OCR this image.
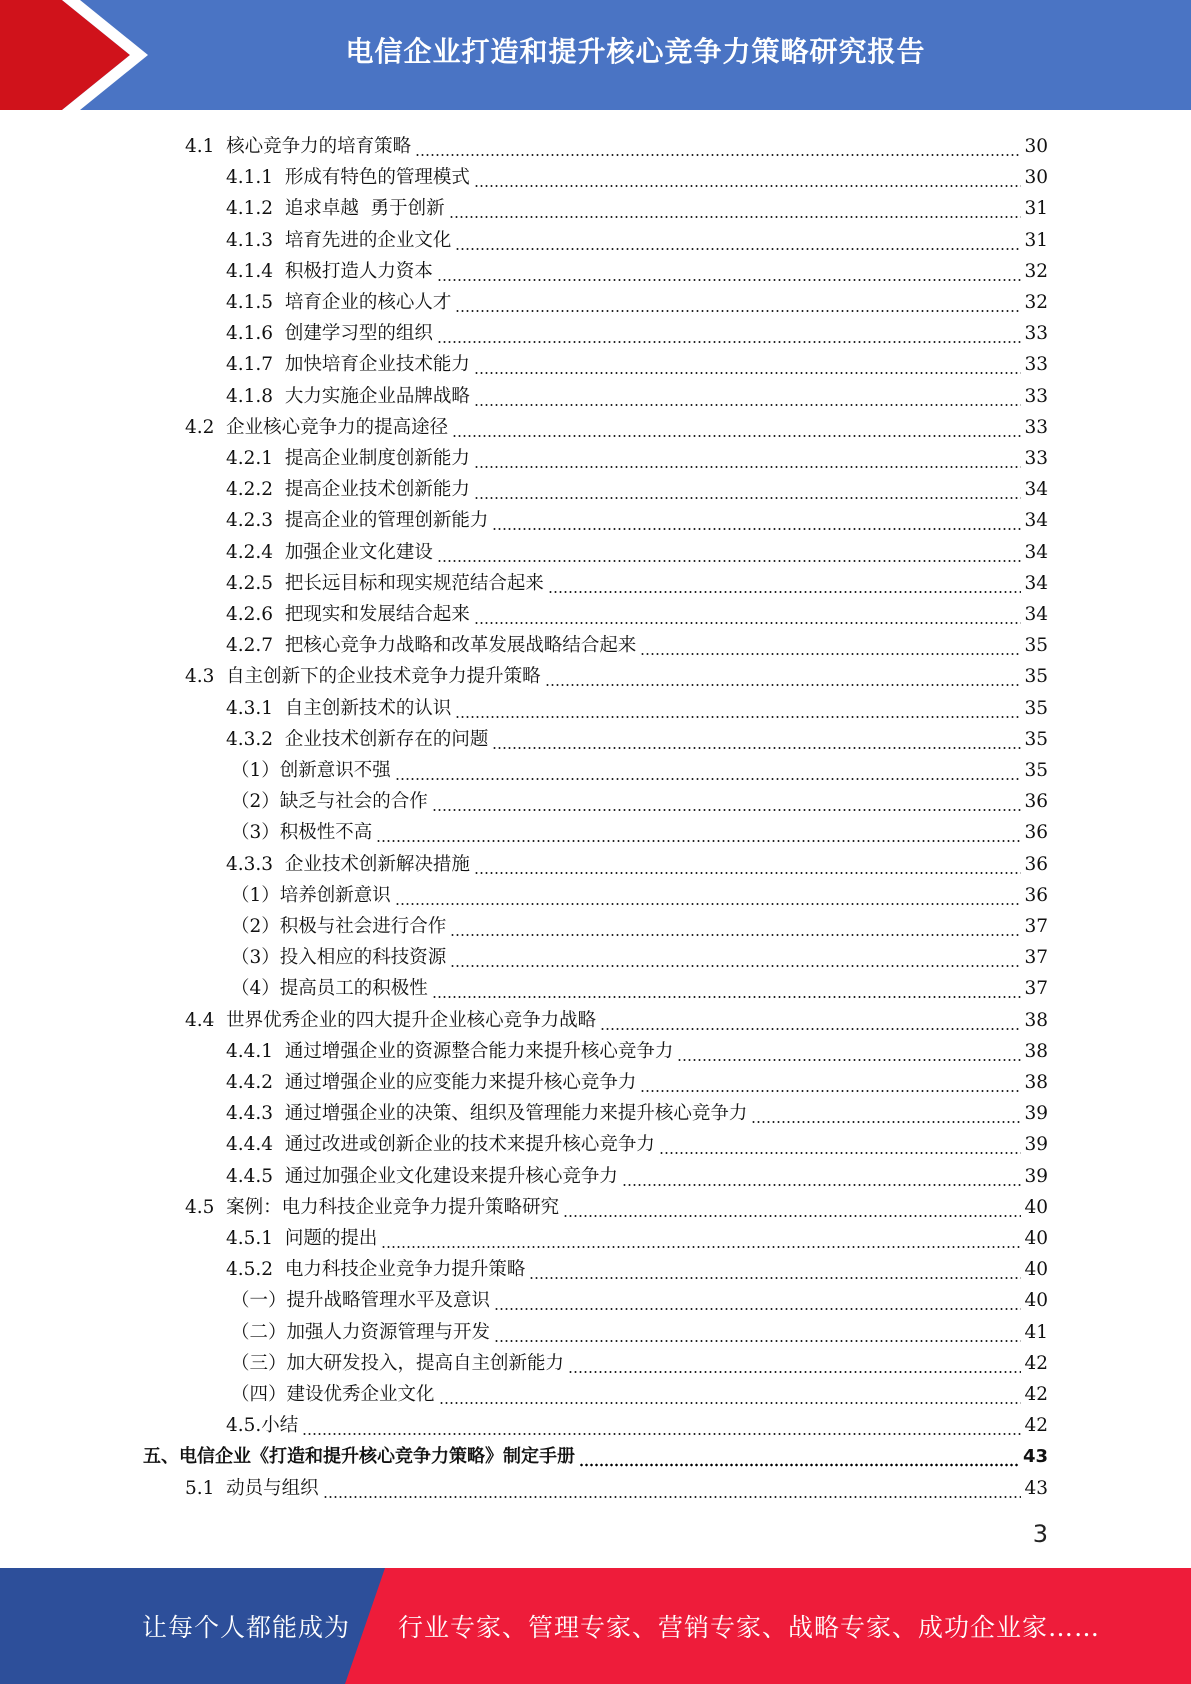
电信企业打造和提升核心竞争力策略研究报告
4.1  核心竞争力的培育策略	30
4.1.1  形成有特色的管理模式	30
4.1.2  追求卓越  勇于创新	31
4.1.3  培育先进的企业文化	31
4.1.4  积极打造人力资本	32
4.1.5  培育企业的核心人才	32
4.1.6  创建学习型的组织	33
4.1.7  加快培育企业技术能力	33
4.1.8  大力实施企业品牌战略	33
4.2  企业核心竞争力的提高途径	33
4.2.1  提高企业制度创新能力	33
4.2.2  提高企业技术创新能力	34
4.2.3  提高企业的管理创新能力	34
4.2.4  加强企业文化建设	34
4.2.5  把长远目标和现实规范结合起来	34
4.2.6  把现实和发展结合起来	34
4.2.7  把核心竞争力战略和改革发展战略结合起来	35
4.3  自主创新下的企业技术竞争力提升策略	35
4.3.1  自主创新技术的认识	35
4.3.2  企业技术创新存在的问题	35
（1）创新意识不强	35
（2）缺乏与社会的合作	36
（3）积极性不高	36
4.3.3  企业技术创新解决措施	36
（1）培养创新意识	36
（2）积极与社会进行合作	37
（3）投入相应的科技资源	37
（4）提高员工的积极性	37
4.4  世界优秀企业的四大提升企业核心竞争力战略	38
4.4.1  通过增强企业的资源整合能力来提升核心竞争力	38
4.4.2  通过增强企业的应变能力来提升核心竞争力	38
4.4.3  通过增强企业的决策、组织及管理能力来提升核心竞争力	39
4.4.4  通过改进或创新企业的技术来提升核心竞争力	39
4.4.5  通过加强企业文化建设来提升核心竞争力	39
4.5  案例：电力科技企业竞争力提升策略研究	40
4.5.1  问题的提出	40
4.5.2  电力科技企业竞争力提升策略	40
（一）提升战略管理水平及意识	40
（二）加强人力资源管理与开发	41
（三）加大研发投入，提高自主创新能力	42
（四）建设优秀企业文化	42
4.5.小结	42
五、电信企业《打造和提升核心竞争力策略》制定手册	43
5.1  动员与组织	43
3
让每个人都能成为 行业专家、管理专家、营销专家、战略专家、成功企业家……
